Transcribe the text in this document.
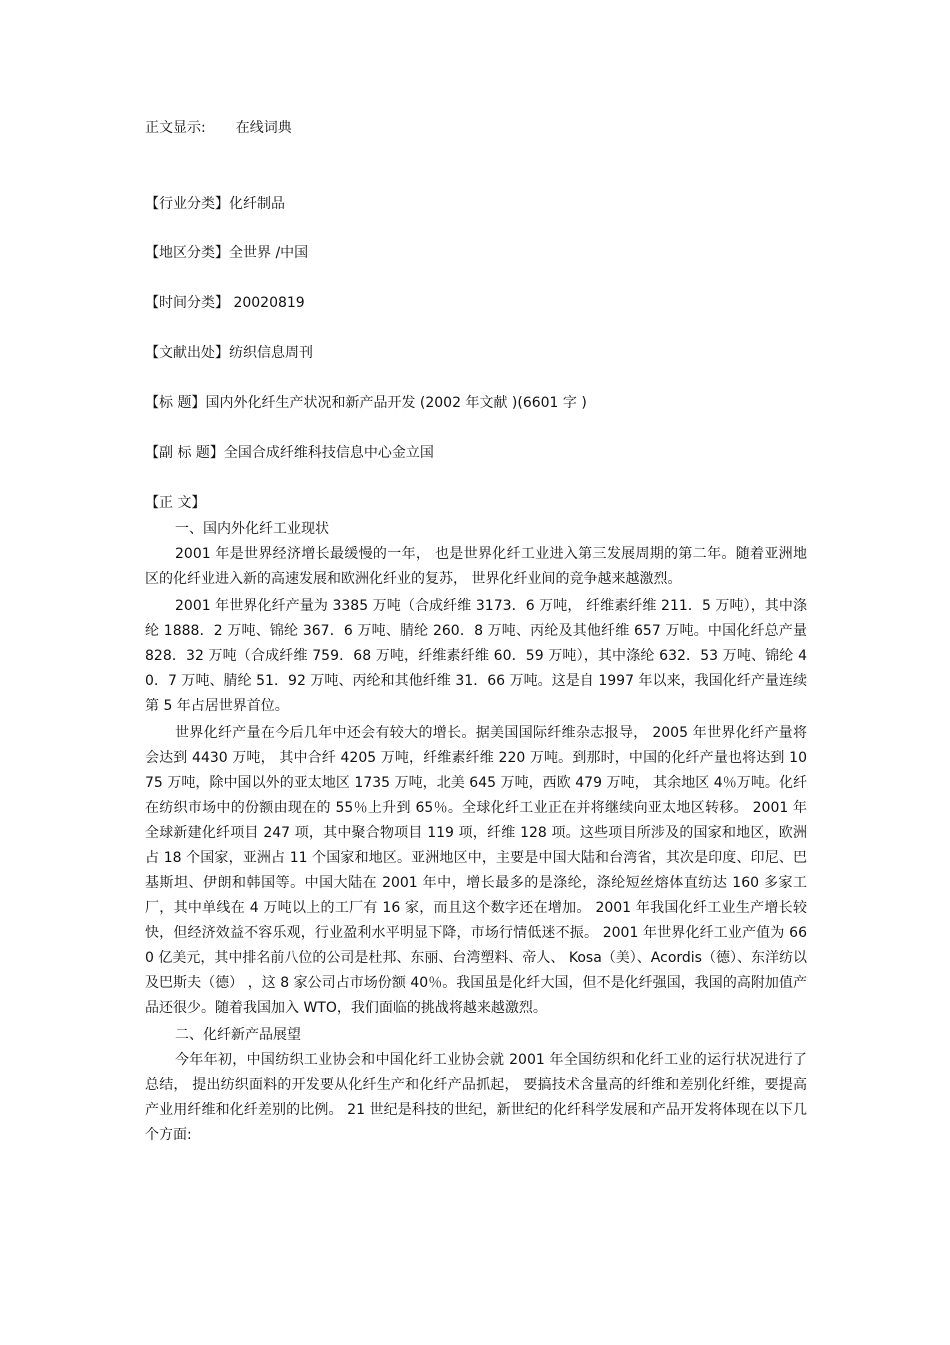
正文显示: 在线词典
【行业分类】化纤制品
【地区分类】全世界 /中国
【时间分类】 20020819
【文献出处】纺织信息周刊
【标 题】国内外化纤生产状况和新产品开发 (2002 年文献 )(6601 字 )
【副 标 题】全国合成纤维科技信息中心金立国
【正 文】

一、国内外化纤工业现状

2001 年是世界经济增长最缓慢的一年， 也是世界化纤工业进入第三发展周期的第二年。随着亚洲地区的化纤业进入新的高速发展和欧洲化纤业的复苏， 世界化纤业间的竞争越来越激烈。

2001 年世界化纤产量为 3385 万吨（合成纤维 3173．6 万吨， 纤维素纤维 211．5 万吨），其中涤纶 1888．2 万吨、锦纶 367．6 万吨、腈纶 260．8 万吨、丙纶及其他纤维 657 万吨。中国化纤总产量 828．32 万吨（合成纤维 759．68 万吨，纤维素纤维 60．59 万吨），其中涤纶 632．53 万吨、锦纶 40．7 万吨、腈纶 51．92 万吨、丙纶和其他纤维 31．66 万吨。这是自 1997 年以来，我国化纤产量连续第 5 年占居世界首位。

世界化纤产量在今后几年中还会有较大的增长。据美国国际纤维杂志报导， 2005 年世界化纤产量将会达到 4430 万吨， 其中合纤 4205 万吨，纤维素纤维 220 万吨。到那时，中国的化纤产量也将达到 1075 万吨，除中国以外的亚太地区 1735 万吨，北美 645 万吨，西欧 479 万吨， 其余地区 4％万吨。化纤在纺织市场中的份额由现在的 55％上升到 65％。全球化纤工业正在并将继续向亚太地区转移。 2001 年全球新建化纤项目 247 项，其中聚合物项目 119 项，纤维 128 项。这些项目所涉及的国家和地区，欧洲占 18 个国家，亚洲占 11 个国家和地区。亚洲地区中，主要是中国大陆和台湾省，其次是印度、印尼、巴基斯坦、伊朗和韩国等。中国大陆在 2001 年中，增长最多的是涤纶，涤纶短丝熔体直纺达 160 多家工厂，其中单线在 4 万吨以上的工厂有 16 家，而且这个数字还在增加。 2001 年我国化纤工业生产增长较快，但经济效益不容乐观，行业盈利水平明显下降，市场行情低迷不振。 2001 年世界化纤工业产值为 660 亿美元，其中排名前八位的公司是杜邦、东丽、台湾塑料、帝人、 Kosa（美）、Acordis（德）、东洋纺以及巴斯夫（德） ，这 8 家公司占市场份额 40％。我国虽是化纤大国，但不是化纤强国，我国的高附加值产品还很少。随着我国加入 WTO，我们面临的挑战将越来越激烈。

二、化纤新产品展望

今年年初，中国纺织工业协会和中国化纤工业协会就 2001 年全国纺织和化纤工业的运行状况进行了总结， 提出纺织面料的开发要从化纤生产和化纤产品抓起， 要搞技术含量高的纤维和差别化纤维，要提高产业用纤维和化纤差别的比例。 21 世纪是科技的世纪，新世纪的化纤科学发展和产品开发将体现在以下几个方面:
